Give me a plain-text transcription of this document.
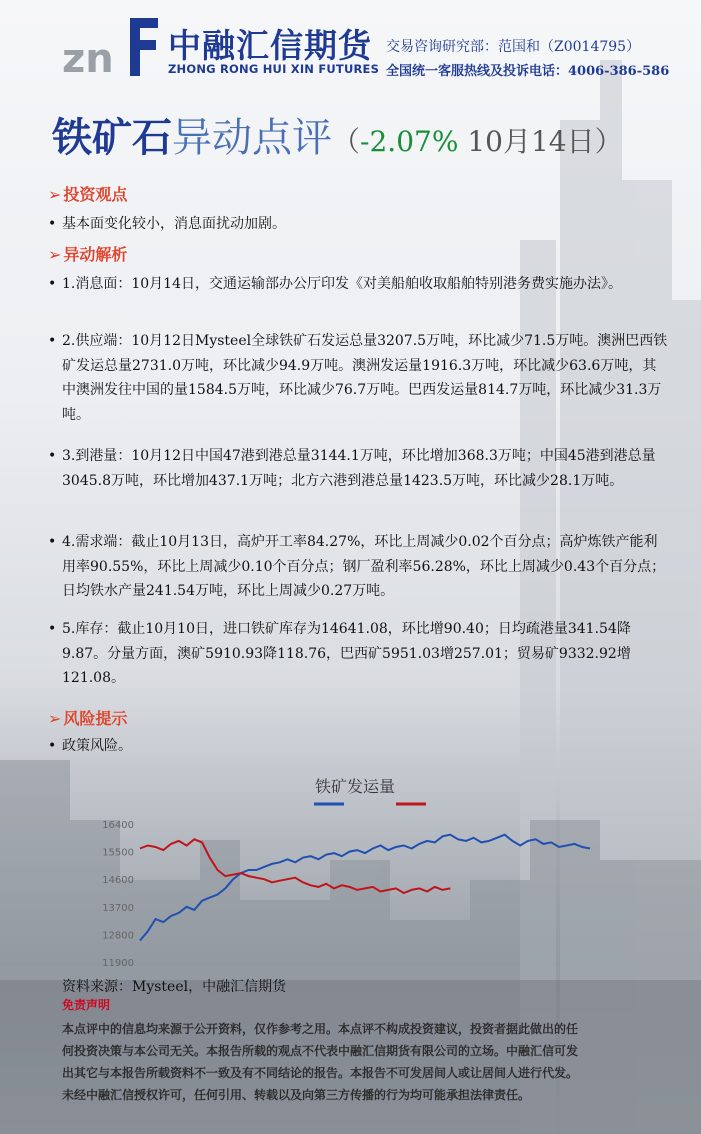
zn 中融汇信期货
ZHONG RONG HUI XIN FUTURES
交易咨询研究部：范国和（Z0014795）
全国统一客服热线及投诉电话：4006-386-586
铁矿石异动点评（-2.07% 10月14日）
➢ 投资观点
• 基本面变化较小，消息面扰动加剧。
➢ 异动解析
• 1.消息面：10月14日，交通运输部办公厅印发《对美船舶收取船舶特别港务费实施办法》。
• 2.供应端：10月12日Mysteel全球铁矿石发运总量3207.5万吨，环比减少71.5万吨。澳洲巴西铁矿发运总量2731.0万吨，环比减少94.9万吨。澳洲发运量1916.3万吨，环比减少63.6万吨，其中澳洲发往中国的量1584.5万吨，环比减少76.7万吨。巴西发运量814.7万吨，环比减少31.3万吨。
• 3.到港量：10月12日中国47港到港总量3144.1万吨，环比增加368.3万吨；中国45港到港总量3045.8万吨，环比增加437.1万吨；北方六港到港总量1423.5万吨，环比减少28.1万吨。
• 4.需求端：截止10月13日，高炉开工率84.27%，环比上周减少0.02个百分点；高炉炼铁产能利用率90.55%，环比上周减少0.10个百分点；钢厂盈利率56.28%，环比上周减少0.43个百分点；日均铁水产量241.54万吨，环比上周减少0.27万吨。
• 5.库存：截止10月10日，进口铁矿库存为14641.08，环比增90.40；日均疏港量341.54降9.87。分量方面，澳矿5910.93降118.76，巴西矿5951.03增257.01；贸易矿9332.92增121.08。
➢ 风险提示
• 政策风险。
铁矿发运量
16400
15500
14600
13700
12800
11900
资料来源：Mysteel，中融汇信期货
免责声明
本点评中的信息均来源于公开资料，仅作参考之用。本点评不构成投资建议，投资者据此做出的任
何投资决策与本公司无关。本报告所载的观点不代表中融汇信期货有限公司的立场。中融汇信可发
出其它与本报告所载资料不一致及有不同结论的报告。本报告不可发居间人或让居间人进行代发。
未经中融汇信授权许可，任何引用、转载以及向第三方传播的行为均可能承担法律责任。
